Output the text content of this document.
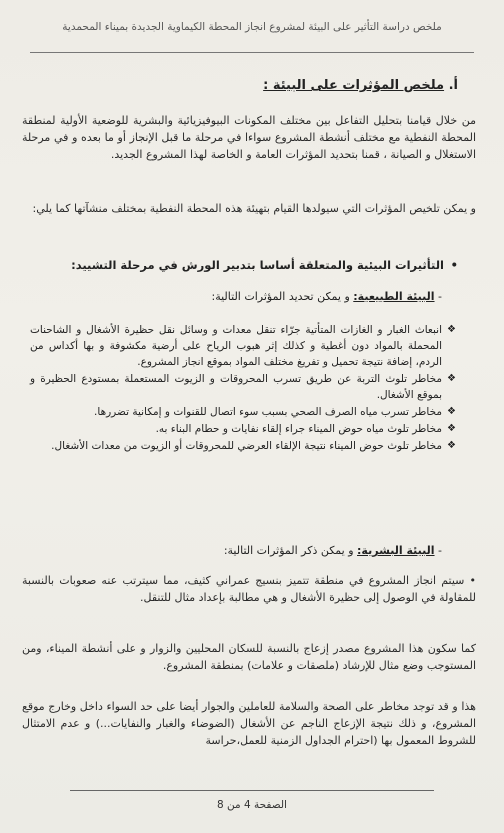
ملخص دراسة التأثير على البيئة لمشروع انجاز المحطة الكيماوية الجديدة بميناء المحمدية
أ. ملخص المؤثرات على البيئة :
من خلال قيامنا بتحليل التفاعل بين مختلف المكونات البيوفيزيائية والبشرية للوضعية الأولية لمنطقة المحطة النفطية مع مختلف أنشطة المشروع سواءا في مرحلة ما قبل الإنجاز أو ما بعده و في مرحلة الاستغلال و الصيانة ، قمنا بتحديد المؤثرات العامة و الخاصة لهذا المشروع الجديد.
و يمكن تلخيص المؤثرات التي سيولدها القيام بتهيئة هذه المحطة النفطية بمختلف منشآتها كما يلي:
•التأثيرات البيئية والمتعلقة أساسا بتدبير الورش في مرحلة التشييد:
- البيئة الطبيعية: و يمكن تحديد المؤثرات التالية:
❖
انبعاث الغبار و الغازات المتأتية جرّاء تنقل معدات و وسائل نقل حظيرة الأشغال و الشاحنات المحملة بالمواد دون أغطية و كذلك إثر هبوب الرياح على أرضية مكشوفة و بها أكداس من الردم، إضافة نتيجة تحميل و تفريغ مختلف المواد بموقع انجاز المشروع.
❖
مخاطر تلوث التربة عن طريق تسرب المحروقات و الزيوت المستعملة بمستودع الحظيرة و بموقع الأشغال.
❖
مخاطر تسرب مياه الصرف الصحي بسبب سوء اتصال للقنوات و إمكانية تضررها.
❖
مخاطر تلوث مياه حوض الميناء جراء إلقاء نفايات و حطام البناء به.
❖
مخاطر تلوث حوض الميناء نتيجة الإلقاء العرضي للمحروقات أو الزيوت من معدات الأشغال.
- البيئة البشرية: و يمكن ذكر المؤثرات التالية:
• سيتم انجاز المشروع في منطقة تتميز بنسيج عمراني كثيف، مما سيترتب عنه صعوبات بالنسبة للمقاولة في الوصول إلى حظيرة الأشغال و هي مطالبة بإعداد مثال للتنقل.
كما سكون هذا المشروع مصدر إزعاج بالنسبة للسكان المحليين والزوار و على أنشطة الميناء، ومن المستوجب وضع مثال للإرشاد (ملصقات و علامات) بمنطقة المشروع.
هذا و قد توجد مخاطر على الصحة والسلامة للعاملين والجوار أيضا على حد السواء داخل وخارج موقع المشروع، و ذلك نتيجة الإزعاج الناجم عن الأشغال (الضوضاء والغبار والنفايات...) و عدم الامتثال للشروط المعمول بها (احترام الجداول الزمنية للعمل،حراسة
الصفحة 4 من 8
